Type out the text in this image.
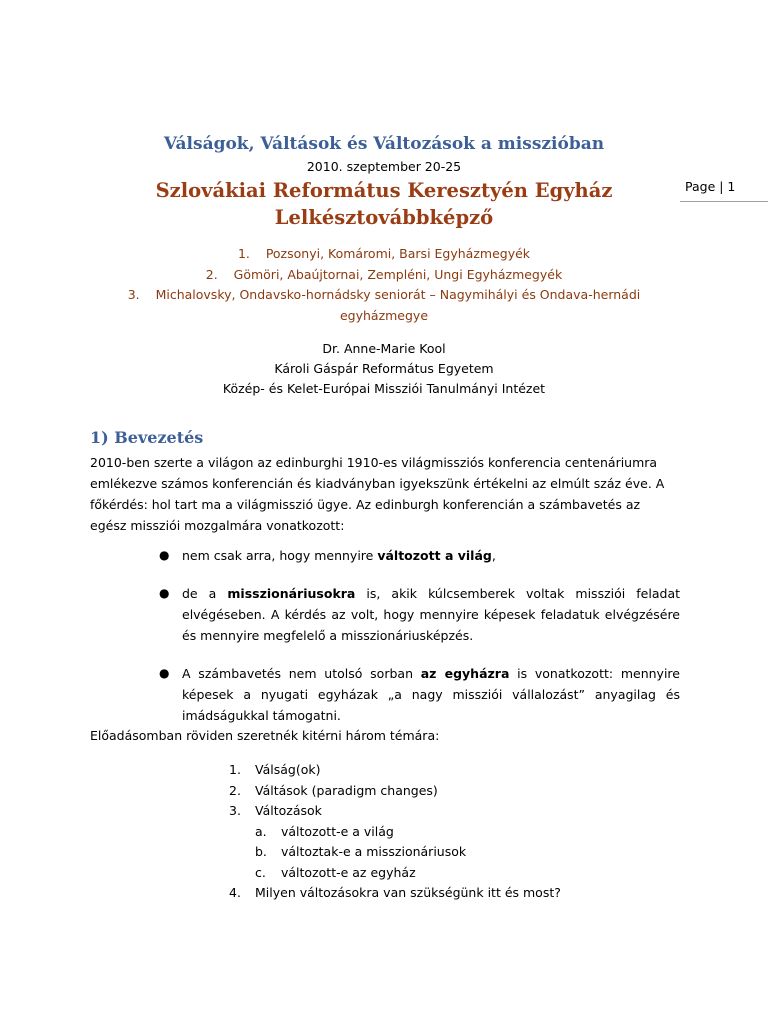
Válságok, Váltások és Változások a misszióban
2010. szeptember 20-25
Page | 1
Szlovákiai Református Keresztyén Egyház
Lelkésztovábbképző
1. Pozsonyi, Komáromi, Barsi Egyházmegyék
2. Gömöri, Abaújtornai, Zempléni, Ungi Egyházmegyék
3. Michalovsky, Ondavsko-hornádsky seniorát – Nagymihályi és Ondava-hernádi
egyházmegye
Dr. Anne-Marie Kool
Károli Gáspár Református Egyetem
Közép- és Kelet-Európai Missziói Tanulmányi Intézet
1) Bevezetés
2010-ben szerte a világon az edinburghi 1910-es világmissziós konferencia centenáriumra emlékezve számos konferencián és kiadványban igyekszünk értékelni az elmúlt száz éve. A főkérdés: hol tart ma a világmisszió ügye. Az edinburgh konferencián a számbavetés az egész missziói mozgalmára vonatkozott:
● nem csak arra, hogy mennyire változott a világ,
● de a misszionáriusokra is, akik kúlcsemberek voltak missziói feladat elvégéseben. A kérdés az volt, hogy mennyire képesek feladatuk elvégzésére és mennyire megfelelő a misszionáriusképzés.
● A számbavetés nem utolsó sorban az egyházra is vonatkozott: mennyire képesek a nyugati egyházak „a nagy missziói vállalozást” anyagilag és imádságukkal támogatni.
Előadásomban röviden szeretnék kitérni három témára:
1. Válság(ok)
2. Váltások (paradigm changes)
3. Változások
a. változott-e a világ
b. változtak-e a misszionáriusok
c. változott-e az egyház
4. Milyen változásokra van szükségünk itt és most?
